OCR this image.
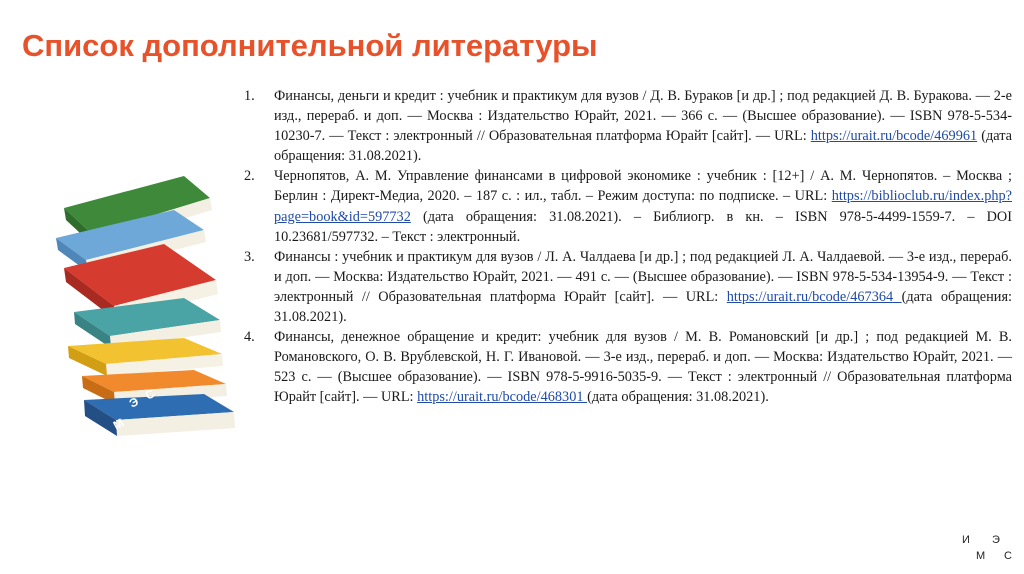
Список дополнительной литературы
И М
Э С
1. Финансы, деньги и кредит : учебник и практикум для вузов / Д. В. Бураков [и др.] ; под редакцией Д. В. Буракова. — 2-е изд., перераб. и доп. — Москва : Издательство Юрайт, 2021. — 366 с. — (Высшее образование). — ISBN 978-5-534-10230-7. — Текст : электронный // Образовательная платформа Юрайт [сайт]. — URL: https://urait.ru/bcode/469961 (дата обращения: 31.08.2021).
2. Чернопятов, А. М. Управление финансами в цифровой экономике : учебник : [12+] / А. М. Чернопятов. – Москва ; Берлин : Директ-Медиа, 2020. – 187 с. : ил., табл. – Режим доступа: по подписке. – URL: https://biblioclub.ru/index.php?page=book&id=597732 (дата обращения: 31.08.2021). – Библиогр. в кн. – ISBN 978-5-4499-1559-7. – DOI 10.23681/597732. – Текст : электронный.
3. Финансы : учебник и практикум для вузов / Л. А. Чалдаева [и др.] ; под редакцией Л. А. Чалдаевой. — 3-е изд., перераб. и доп. — Москва: Издательство Юрайт, 2021. — 491 с. — (Высшее образование). — ISBN 978-5-534-13954-9. — Текст : электронный // Образовательная платформа Юрайт [сайт]. — URL: https://urait.ru/bcode/467364 (дата обращения: 31.08.2021).
4. Финансы, денежное обращение и кредит: учебник для вузов / М. В. Романовский [и др.] ; под редакцией М. В. Романовского, О. В. Врублевской, Н. Г. Ивановой. — 3-е изд., перераб. и доп. — Москва: Издательство Юрайт, 2021. — 523 с. — (Высшее образование). — ISBN 978-5-9916-5035-9. — Текст : электронный // Образовательная платформа Юрайт [сайт]. — URL: https://urait.ru/bcode/468301 (дата обращения: 31.08.2021).
И Э
М С
